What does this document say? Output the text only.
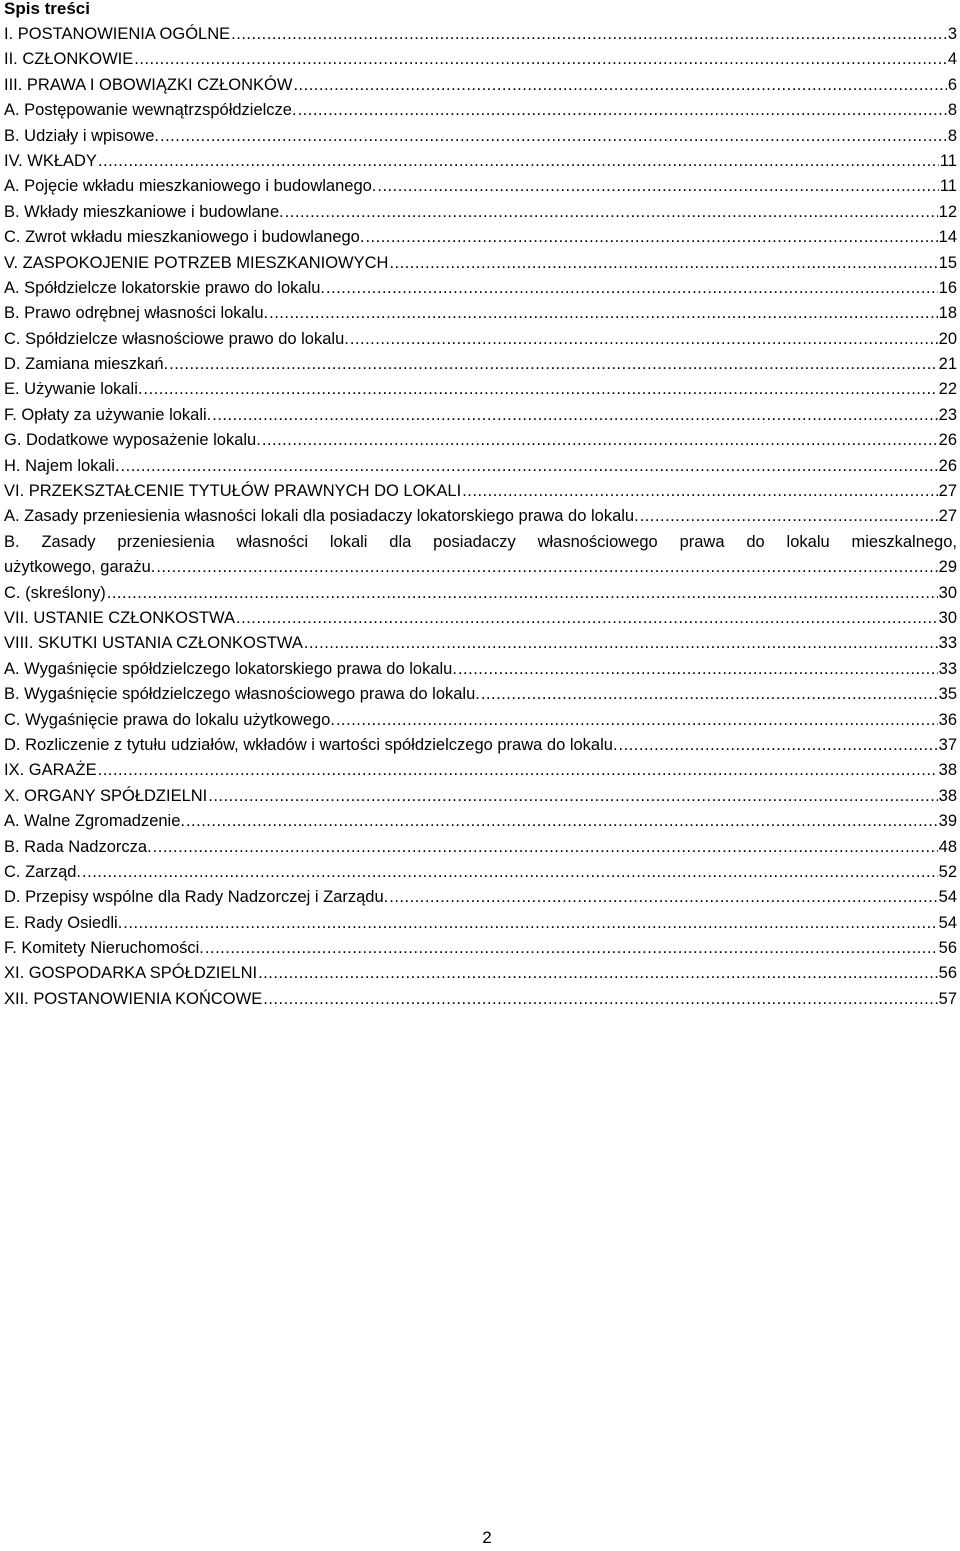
Spis treści
I. POSTANOWIENIA OGÓLNE .....	3
II. CZŁONKOWIE .....	4
III. PRAWA I OBOWIĄZKI CZŁONKÓW .....	6
A. Postępowanie wewnątrzspółdzielcze. .....	8
B. Udziały i wpisowe. .....	8
IV. WKŁADY .....	11
A. Pojęcie wkładu mieszkaniowego i budowlanego. .....	11
B. Wkłady mieszkaniowe i budowlane. .....	12
C. Zwrot wkładu mieszkaniowego i budowlanego. .....	14
V. ZASPOKOJENIE POTRZEB MIESZKANIOWYCH .....	15
A. Spółdzielcze lokatorskie prawo do lokalu. .....	16
B. Prawo odrębnej własności lokalu. .....	18
C. Spółdzielcze własnościowe prawo do lokalu. .....	20
D. Zamiana mieszkań. .....	21
E. Używanie lokali. .....	22
F. Opłaty za używanie lokali. .....	23
G. Dodatkowe wyposażenie lokalu. .....	26
H. Najem lokali. .....	26
VI. PRZEKSZTAŁCENIE TYTUŁÓW PRAWNYCH DO LOKALI .....	27
A. Zasady przeniesienia własności lokali dla posiadaczy lokatorskiego prawa do lokalu. .....	27
B. Zasady przeniesienia własności lokali dla posiadaczy własnościowego prawa do lokalu mieszkalnego,
użytkowego, garażu. .....	29
C. (skreślony) .....	30
VII. USTANIE CZŁONKOSTWA .....	30
VIII. SKUTKI USTANIA CZŁONKOSTWA .....	33
A. Wygaśnięcie spółdzielczego lokatorskiego prawa do lokalu. .....	33
B. Wygaśnięcie spółdzielczego własnościowego prawa do lokalu. .....	35
C. Wygaśnięcie prawa do lokalu użytkowego. .....	36
D. Rozliczenie z tytułu udziałów, wkładów i wartości spółdzielczego prawa do lokalu. .....	37
IX. GARAŻE .....	38
X. ORGANY SPÓŁDZIELNI .....	38
A. Walne Zgromadzenie. .....	39
B. Rada Nadzorcza. .....	48
C. Zarząd. .....	52
D. Przepisy wspólne dla Rady Nadzorczej i Zarządu. .....	54
E. Rady Osiedli. .....	54
F. Komitety Nieruchomości. .....	56
XI. GOSPODARKA SPÓŁDZIELNI .....	56
XII. POSTANOWIENIA KOŃCOWE .....	57
2
